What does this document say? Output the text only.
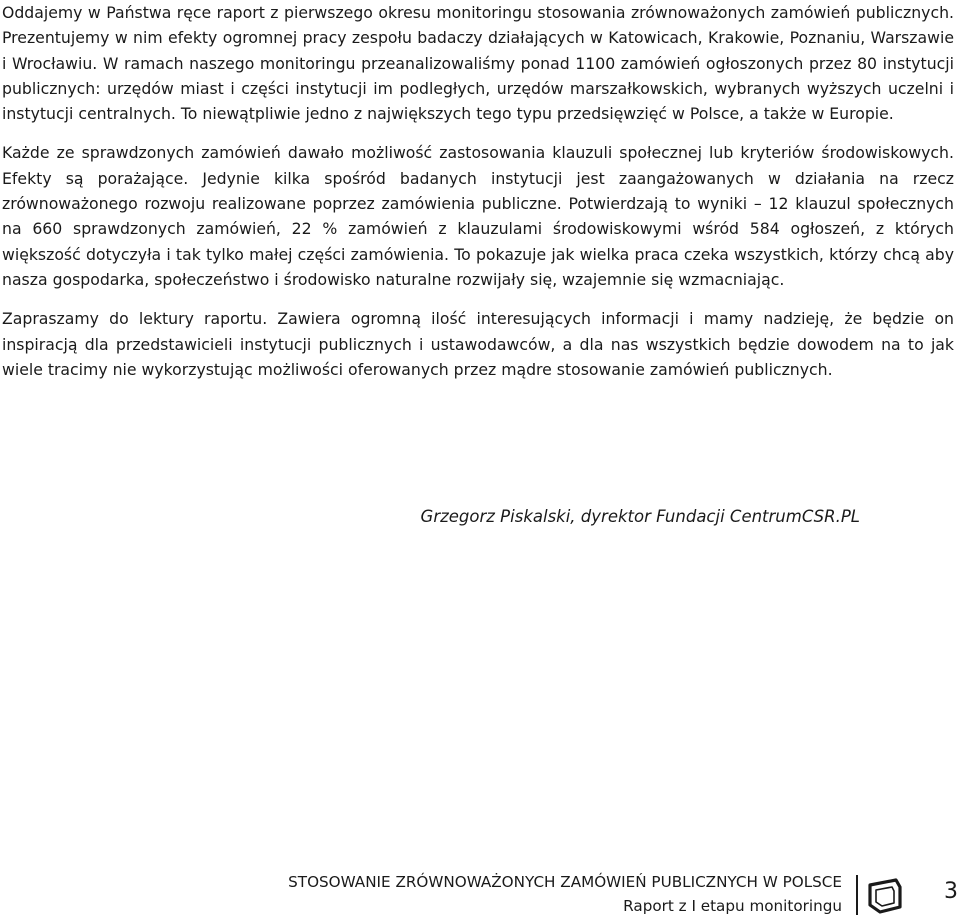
Oddajemy w Państwa ręce raport z pierwszego okresu monitoringu stosowania zrównoważonych zamówień publicznych. Prezentujemy w nim efekty ogromnej pracy zespołu badaczy działających w Katowicach, Krakowie, Poznaniu, Warszawie i Wrocławiu. W ramach naszego monitoringu przeanalizowaliśmy ponad 1100 zamówień ogłoszonych przez 80 instytucji publicznych: urzędów miast i części instytucji im podległych, urzędów marszałkowskich, wybranych wyższych uczelni i instytucji centralnych. To niewątpliwie jedno z największych tego typu przedsięwzięć w Polsce, a także w Europie.

Każde ze sprawdzonych zamówień dawało możliwość zastosowania klauzuli społecznej lub kryteriów środowiskowych. Efekty są porażające. Jedynie kilka spośród badanych instytucji jest zaangażowanych w działania na rzecz zrównoważonego rozwoju realizowane poprzez zamówienia publiczne. Potwierdzają to wyniki – 12 klauzul społecznych na 660 sprawdzonych zamówień, 22 % zamówień z klauzulami środowiskowymi wśród 584 ogłoszeń, z których większość dotyczyła i tak tylko małej części zamówienia. To pokazuje jak wielka praca czeka wszystkich, którzy chcą aby nasza gospodarka, społeczeństwo i środowisko naturalne rozwijały się, wzajemnie się wzmacniając.

Zapraszamy do lektury raportu. Zawiera ogromną ilość interesujących informacji i mamy nadzieję, że będzie on inspiracją dla przedstawicieli instytucji publicznych i ustawodawców, a dla nas wszystkich będzie dowodem na to jak wiele tracimy nie wykorzystując możliwości oferowanych przez mądre stosowanie zamówień publicznych.

Grzegorz Piskalski, dyrektor Fundacji CentrumCSR.PL

STOSOWANIE ZRÓWNOWAŻONYCH ZAMÓWIEŃ PUBLICZNYCH W POLSCE

Raport z I etapu monitoringu

3
